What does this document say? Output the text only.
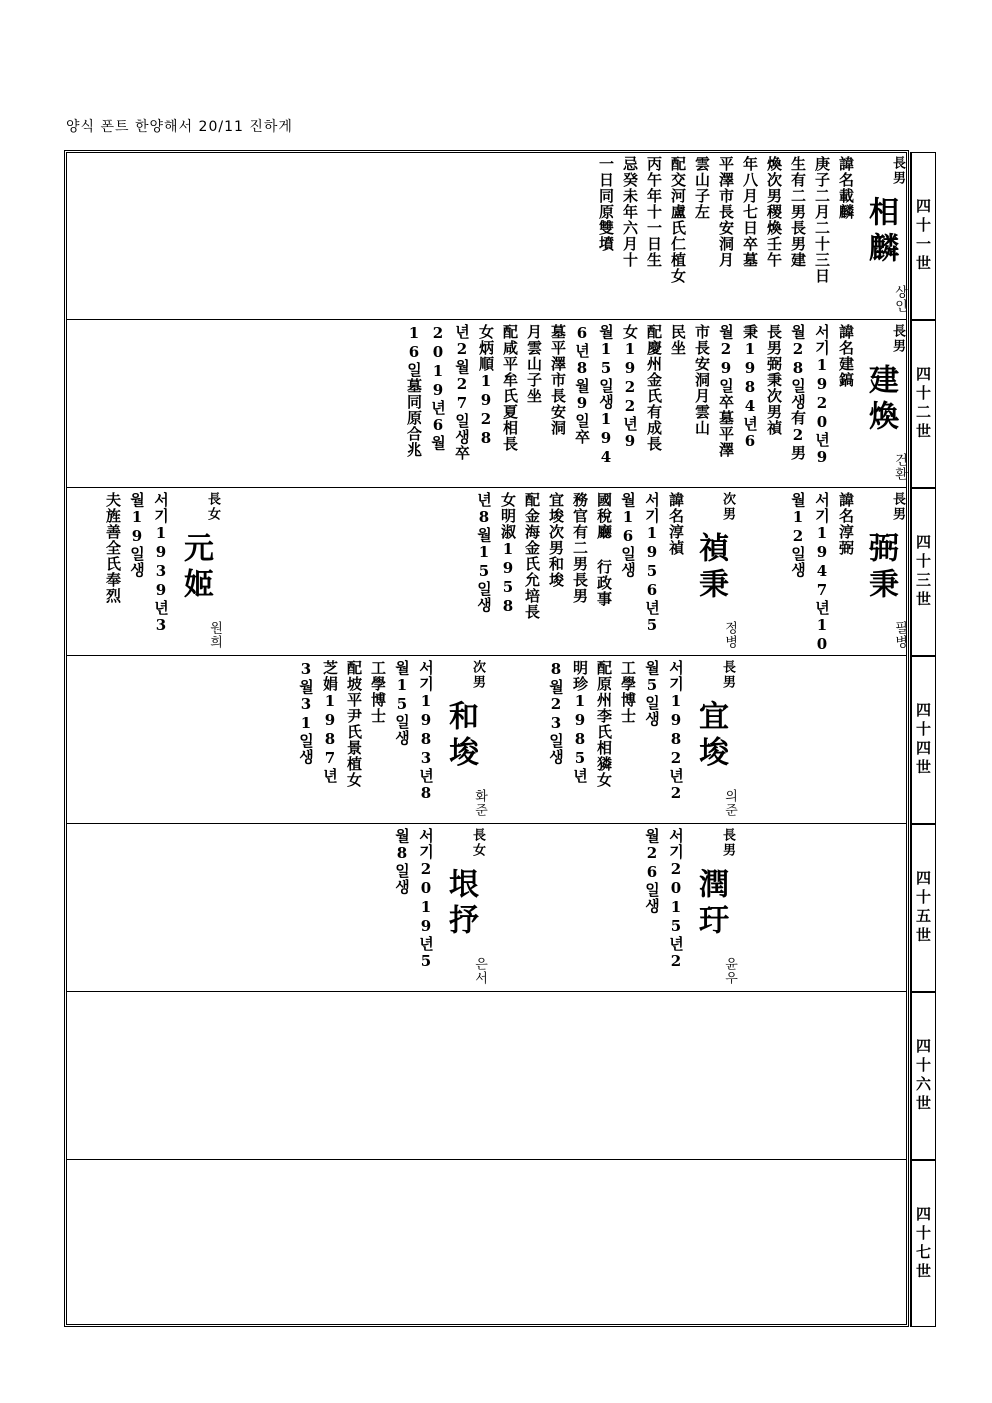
양식 폰트 한양해서 20/11 진하게
長男
相麟
상인
諱名載麟
庚子二月二十三日
生有二男長男建
煥次男稷煥壬午
年八月七日卒墓
平澤市長安洞月
雲山子左
配交河盧氏仁植女
丙午年十一日生
忌癸未年六月十
一日同原雙墳
長男
建煥
건환
諱名建鎬
서기1920년9
월28일생有2男
長男弼秉次男禎
秉1984년6
월29일卒墓平澤
市長安洞月雲山
民坐
配慶州金氏有成長
女1922년9
월15일생194
6년8월9일卒
墓平澤市長安洞
月雲山子坐
配咸平牟氏夏相長
女炳順1928
년2월27일생卒
2019년6월
16일墓同原合兆
長男
弼秉
필병
諱名淳弼
서기1947년10
월12일생
次男
禎秉
정병
諱名淳禎
서기1956년5
월16일생
國稅廳 行政事
務官有二男長男
宜埈次男和埈
配金海金氏允培長
女明淑1958
년8월15일생
長女
元姬
원희
서기1939년3
월19일생
夫旌善全氏奉烈
長男
宜埈
의준
서기1982년2
월5일생
工學博士
配原州李氏相獜女
明珍1985년
8월23일생
次男
和埈
화준
서기1983년8
월15일생
工學博士
配坡平尹氏景植女
芝娟1987년
3월31일생
長男
潤玗
윤우
서기2015년2
월26일생
長女
垠抒
은서
서기2019년5
월8일생
四十一世
四十二世
四十三世
四十四世
四十五世
四十六世
四十七世
